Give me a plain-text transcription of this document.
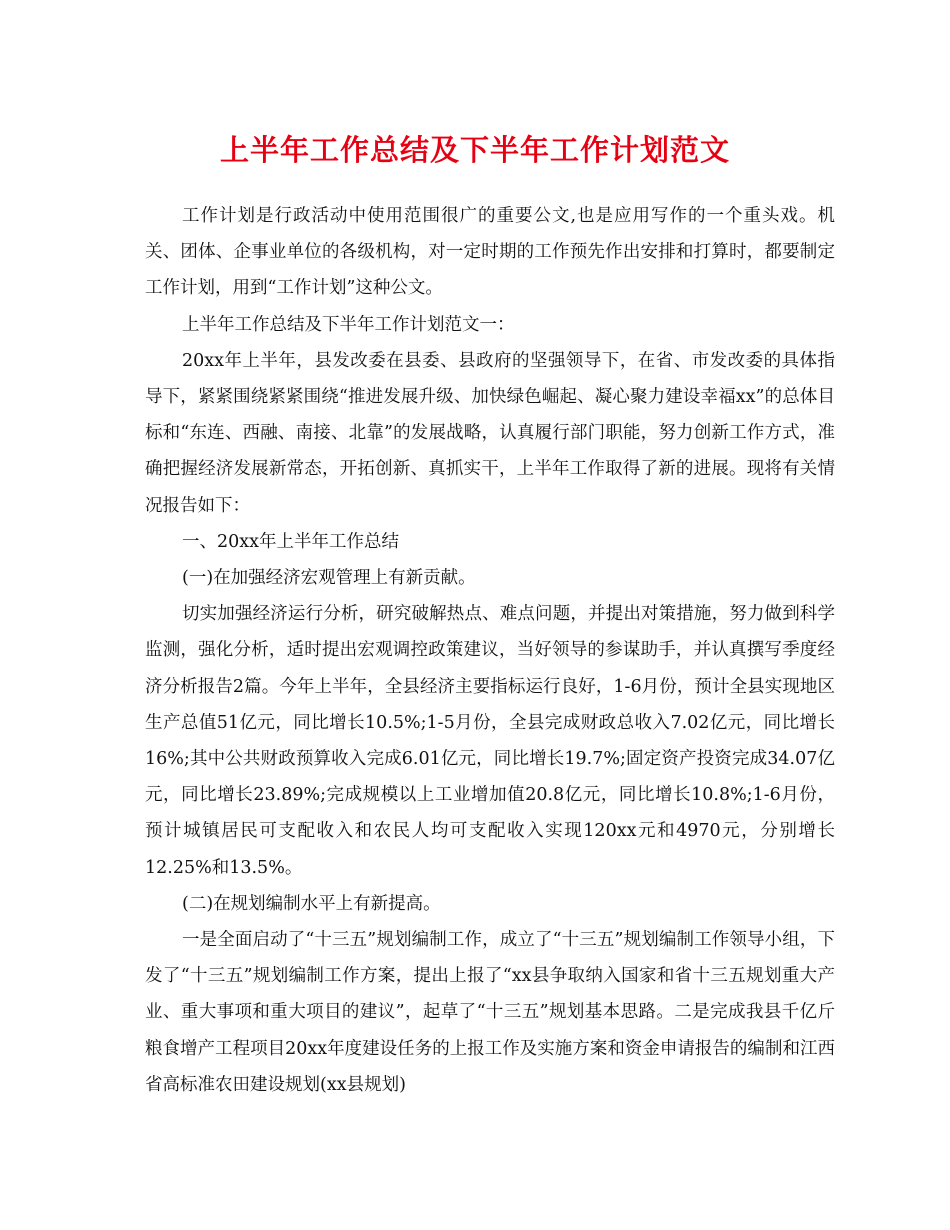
上半年工作总结及下半年工作计划范文

工作计划是行政活动中使用范围很广的重要公文,也是应用写作的一个重头戏。机关、团体、企事业单位的各级机构，对一定时期的工作预先作出安排和打算时，都要制定工作计划，用到“工作计划”这种公文。

上半年工作总结及下半年工作计划范文一：

20xx年上半年，县发改委在县委、县政府的坚强领导下，在省、市发改委的具体指导下，紧紧围绕紧紧围绕“推进发展升级、加快绿色崛起、凝心聚力建设幸福xx”的总体目标和“东连、西融、南接、北靠”的发展战略，认真履行部门职能，努力创新工作方式，准确把握经济发展新常态，开拓创新、真抓实干，上半年工作取得了新的进展。现将有关情况报告如下：

一、20xx年上半年工作总结

(一)在加强经济宏观管理上有新贡献。

切实加强经济运行分析，研究破解热点、难点问题，并提出对策措施，努力做到科学监测，强化分析，适时提出宏观调控政策建议，当好领导的参谋助手，并认真撰写季度经济分析报告2篇。今年上半年，全县经济主要指标运行良好，1-6月份，预计全县实现地区生产总值51亿元，同比增长10.5%;1-5月份，全县完成财政总收入7.02亿元，同比增长16%;其中公共财政预算收入完成6.01亿元，同比增长19.7%;固定资产投资完成34.07亿元，同比增长23.89%;完成规模以上工业增加值20.8亿元，同比增长10.8%;1-6月份，预计城镇居民可支配收入和农民人均可支配收入实现120xx元和4970元，分别增长12.25%和13.5%。

(二)在规划编制水平上有新提高。

一是全面启动了“十三五”规划编制工作，成立了“十三五”规划编制工作领导小组，下发了“十三五”规划编制工作方案，提出上报了“xx县争取纳入国家和省十三五规划重大产业、重大事项和重大项目的建议”，起草了“十三五”规划基本思路。二是完成我县千亿斤粮食增产工程项目20xx年度建设任务的上报工作及实施方案和资金申请报告的编制和江西省高标准农田建设规划(xx县规划)
